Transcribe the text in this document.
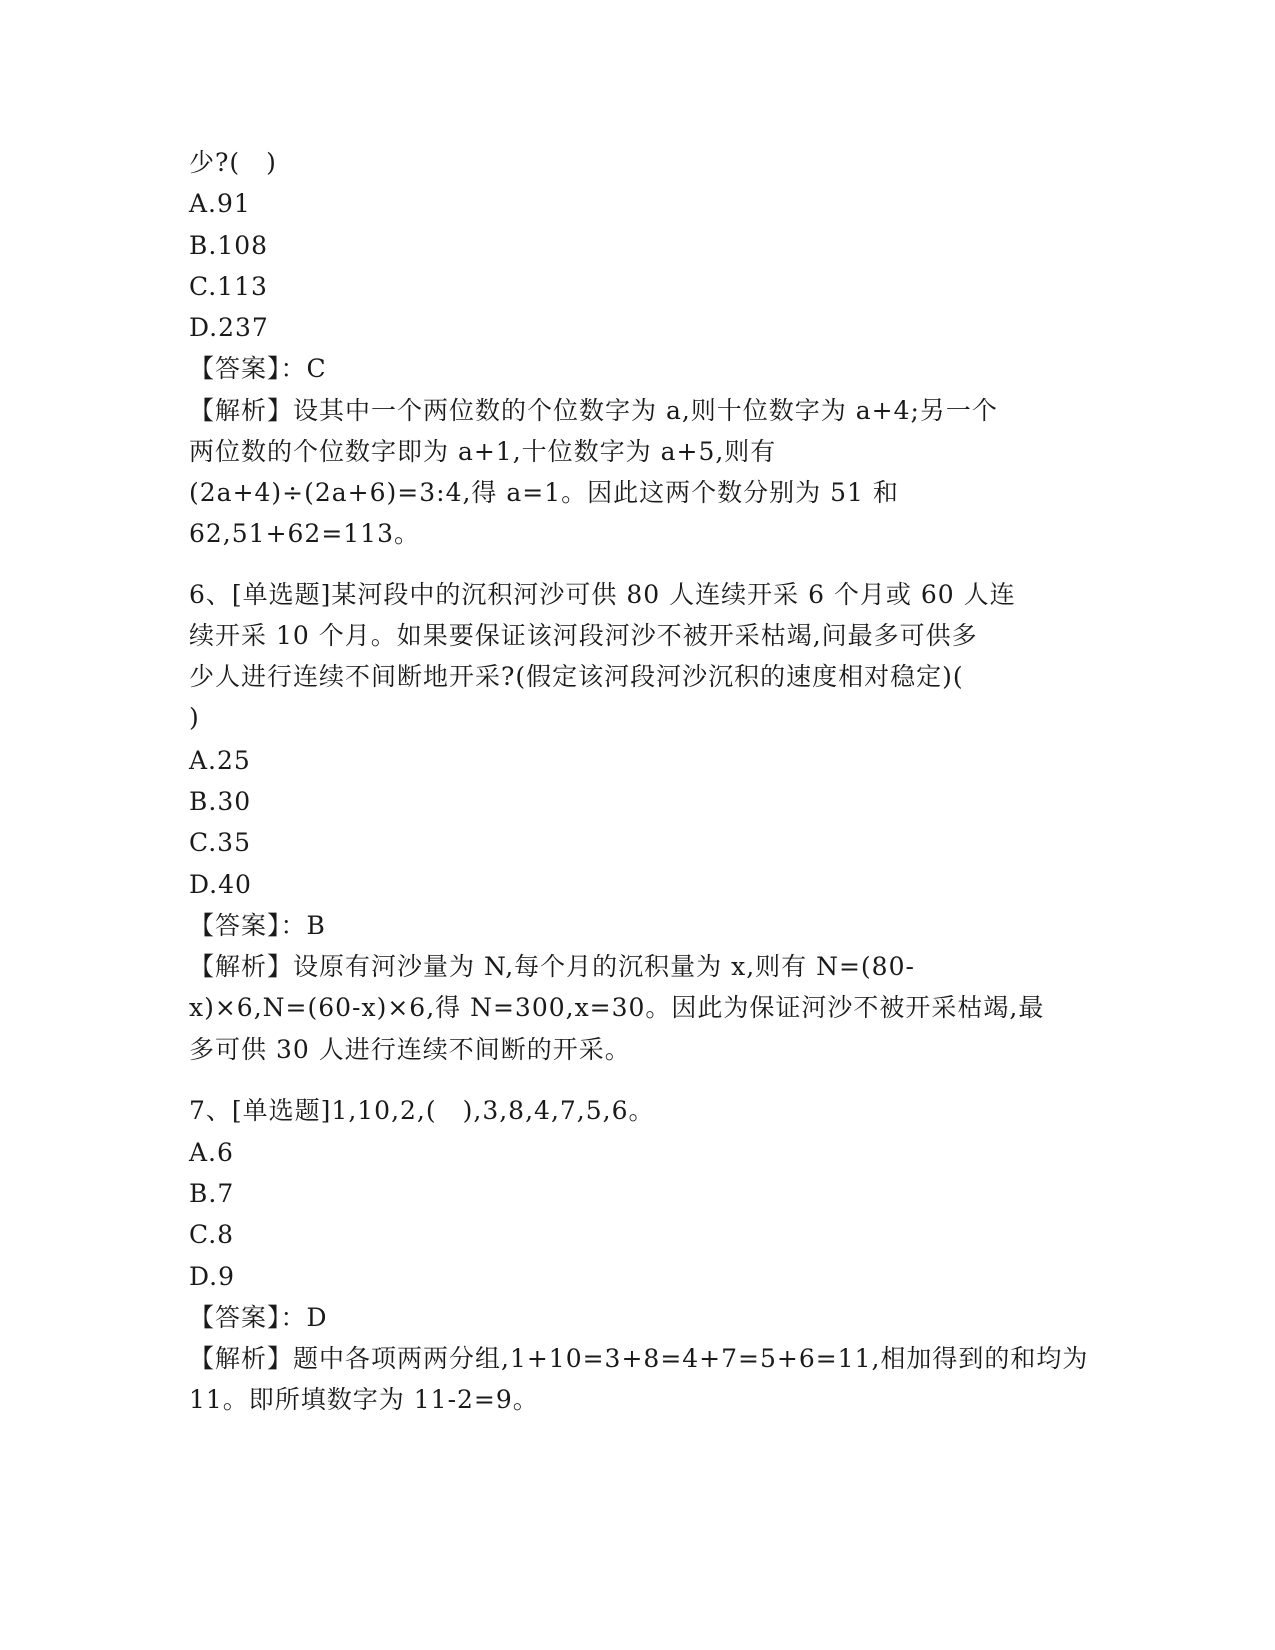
少?(　)
A.91
B.108
C.113
D.237
【答案】：C
【解析】设其中一个两位数的个位数字为 a,则十位数字为 a+4;另一个
两位数的个位数字即为 a+1,十位数字为 a+5,则有
(2a+4)÷(2a+6)=3:4,得 a=1。因此这两个数分别为 51 和
62,51+62=113。
6、[单选题]某河段中的沉积河沙可供 80 人连续开采 6 个月或 60 人连
续开采 10 个月。如果要保证该河段河沙不被开采枯竭,问最多可供多
少人进行连续不间断地开采?(假定该河段河沙沉积的速度相对稳定)(
)
A.25
B.30
C.35
D.40
【答案】：B
【解析】设原有河沙量为 N,每个月的沉积量为 x,则有 N=(80-
x)×6,N=(60-x)×6,得 N=300,x=30。因此为保证河沙不被开采枯竭,最
多可供 30 人进行连续不间断的开采。
7、[单选题]1,10,2,(　),3,8,4,7,5,6。
A.6
B.7
C.8
D.9
【答案】：D
【解析】题中各项两两分组,1+10=3+8=4+7=5+6=11,相加得到的和均为
11。即所填数字为 11-2=9。
